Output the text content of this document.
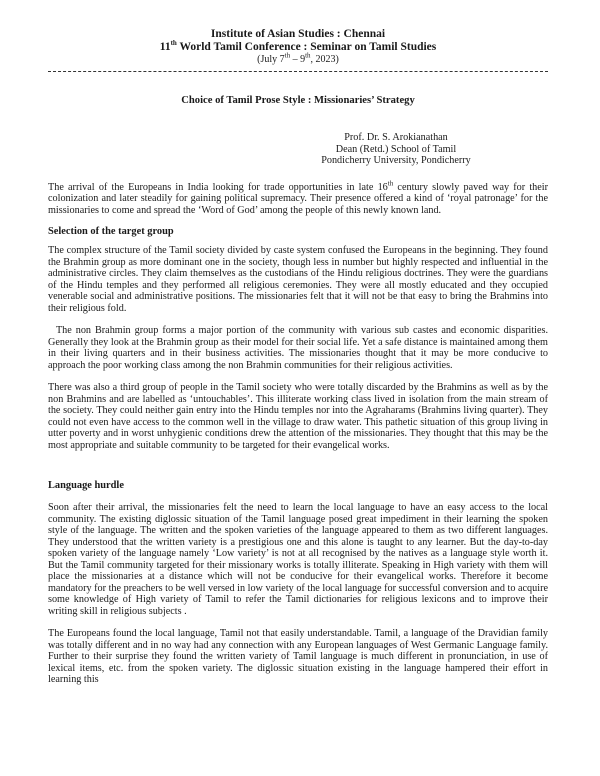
Institute of Asian Studies : Chennai
11th World Tamil Conference : Seminar on Tamil Studies
(July 7th – 9th, 2023)
Choice of Tamil Prose Style : Missionaries’ Strategy
Prof. Dr. S. Arokianathan
Dean (Retd.) School of Tamil
Pondicherry University, Pondicherry

The arrival of the Europeans in India looking for trade opportunities in late 16th century slowly paved way for their colonization and later steadily for gaining political supremacy. Their presence offered a kind of ‘royal patronage’ for the missionaries to come and spread the ‘Word of God’ among the people of this newly known land.

Selection of the target group

The complex structure of the Tamil society divided by caste system confused the Europeans in the beginning. They found the Brahmin group as more dominant one in the society, though less in number but highly respected and influential in the administrative circles. They claim themselves as the custodians of the Hindu religious doctrines. They were the guardians of the Hindu temples and they performed all religious ceremonies. They were all mostly educated and they occupied venerable social and administrative positions. The missionaries felt that it will not be that easy to bring the Brahmins into their religious fold.

The non Brahmin group forms a major portion of the community with various sub castes and economic disparities. Generally they look at the Brahmin group as their model for their social life. Yet a safe distance is maintained among them in their living quarters and in their business activities. The missionaries thought that it may be more conducive to approach the poor working class among the non Brahmin communities for their religious activities.

There was also a third group of people in the Tamil society who were totally discarded by the Brahmins as well as by the non Brahmins and are labelled as ‘untouchables’. This illiterate working class lived in isolation from the main stream of the society. They could neither gain entry into the Hindu temples nor into the Agraharams (Brahmins living quarter). They could not even have access to the common well in the village to draw water. This pathetic situation of this group living in utter poverty and in worst unhygienic conditions drew the attention of the missionaries. They thought that this may be the most appropriate and suitable community to be targeted for their evangelical works.

Language hurdle

Soon after their arrival, the missionaries felt the need to learn the local language to have an easy access to the local community. The existing diglossic situation of the Tamil language posed great impediment in their learning the spoken style of the language. The written and the spoken varieties of the language appeared to them as two different languages. They understood that the written variety is a prestigious one and this alone is taught to any learner. But the day-to-day spoken variety of the language namely ‘Low variety’ is not at all recognised by the natives as a language style worth it. But the Tamil community targeted for their missionary works is totally illiterate. Speaking in High variety with them will place the missionaries at a distance which will not be conducive for their evangelical works. Therefore it become mandatory for the preachers to be well versed in low variety of the local language for successful conversion and to acquire some knowledge of High variety of Tamil to refer the Tamil dictionaries for religious lexicons and to improve their writing skill in religious subjects .

The Europeans found the local language, Tamil not that easily understandable. Tamil, a language of the Dravidian family was totally different and in no way had any connection with any European languages of West Germanic Language family. Further to their surprise they found the written variety of Tamil language is much different in pronunciation, in use of lexical items, etc. from the spoken variety. The diglossic situation existing in the language hampered their effort in learning this
